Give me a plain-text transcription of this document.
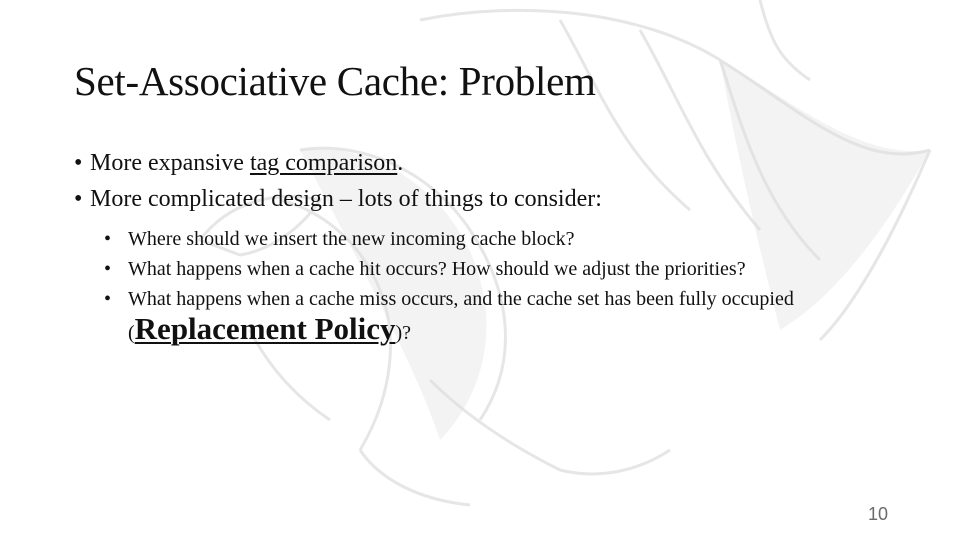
Set-Associative Cache: Problem
• More expansive tag comparison.
• More complicated design – lots of things to consider:
• Where should we insert the new incoming cache block?
• What happens when a cache hit occurs? How should we adjust the priorities?
• What happens when a cache miss occurs, and the cache set has been fully occupied (Replacement Policy)?
10
